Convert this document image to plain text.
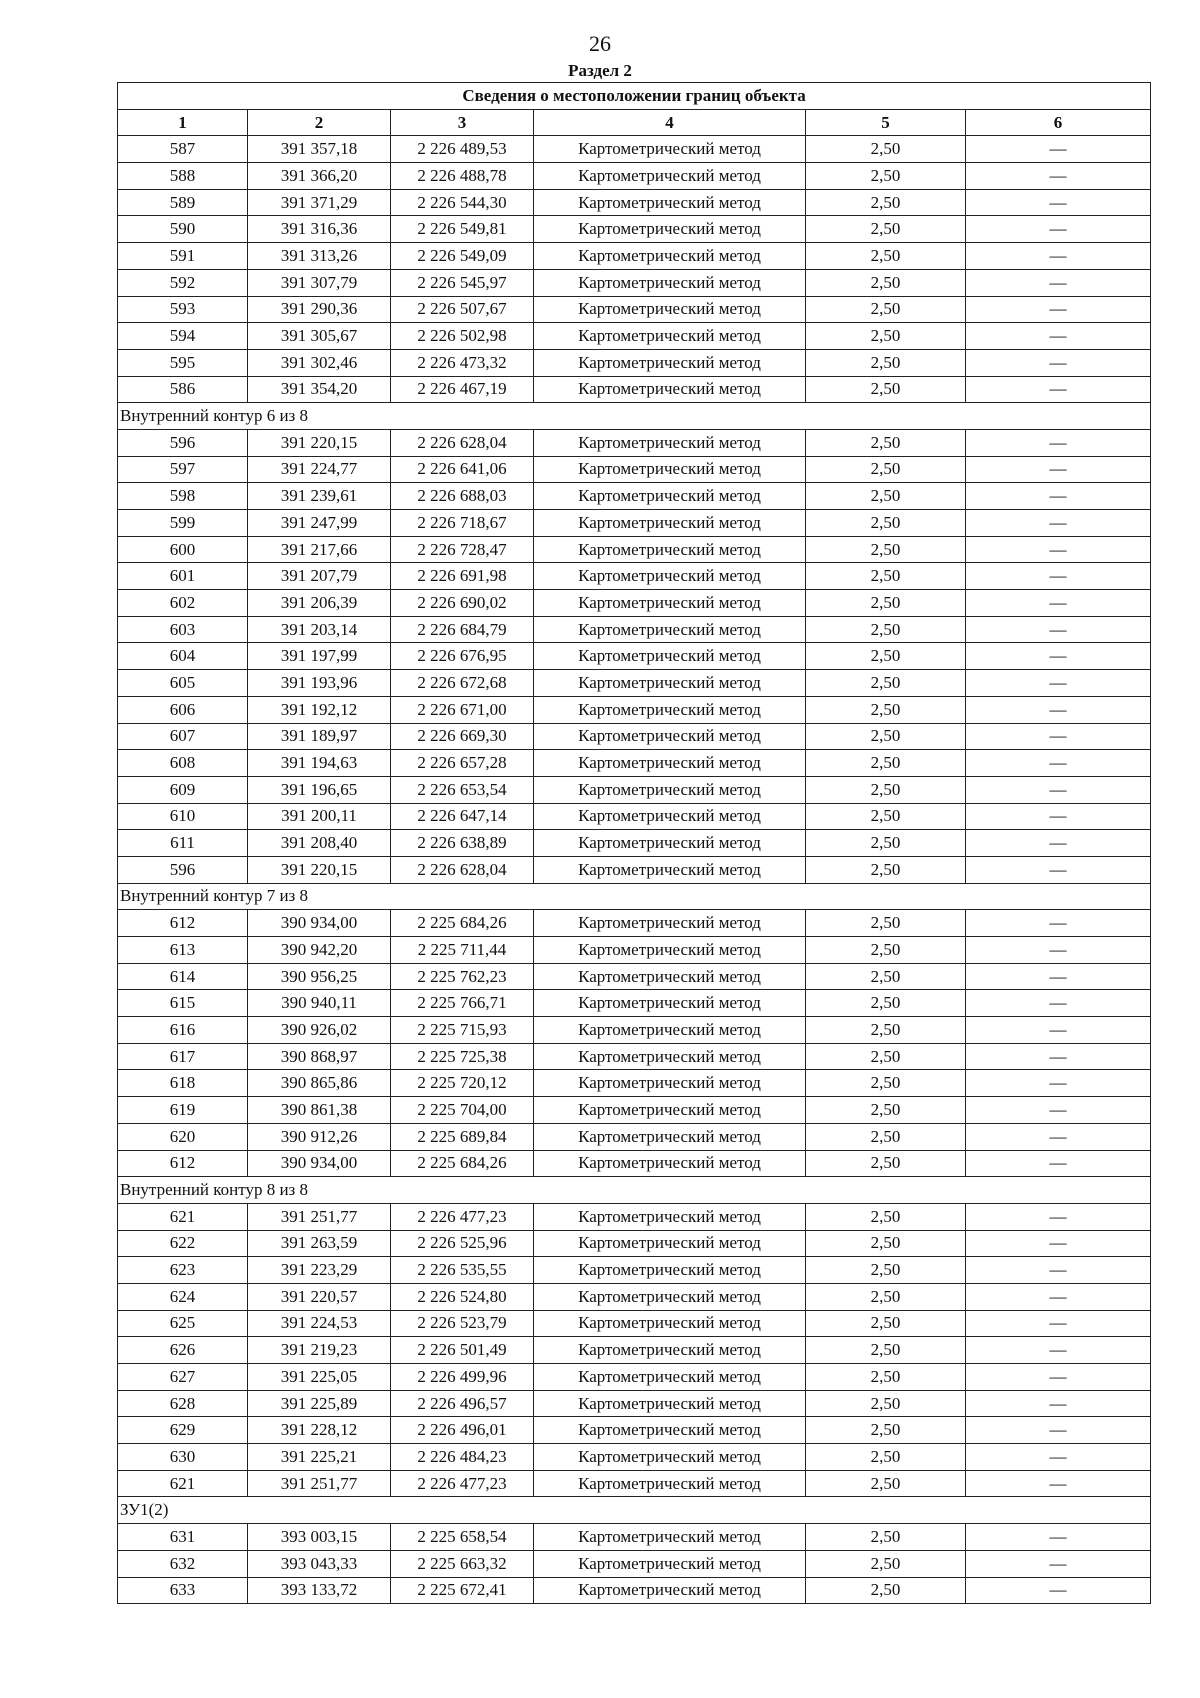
26
Раздел 2
Сведения о местоположении границ объекта					
1	2	3	4	5	6
587	391 357,18	2 226 489,53	Картометрический метод	2,50	—
588	391 366,20	2 226 488,78	Картометрический метод	2,50	—
589	391 371,29	2 226 544,30	Картометрический метод	2,50	—
590	391 316,36	2 226 549,81	Картометрический метод	2,50	—
591	391 313,26	2 226 549,09	Картометрический метод	2,50	—
592	391 307,79	2 226 545,97	Картометрический метод	2,50	—
593	391 290,36	2 226 507,67	Картометрический метод	2,50	—
594	391 305,67	2 226 502,98	Картометрический метод	2,50	—
595	391 302,46	2 226 473,32	Картометрический метод	2,50	—
586	391 354,20	2 226 467,19	Картометрический метод	2,50	—
Внутренний контур 6 из 8					
596	391 220,15	2 226 628,04	Картометрический метод	2,50	—
597	391 224,77	2 226 641,06	Картометрический метод	2,50	—
598	391 239,61	2 226 688,03	Картометрический метод	2,50	—
599	391 247,99	2 226 718,67	Картометрический метод	2,50	—
600	391 217,66	2 226 728,47	Картометрический метод	2,50	—
601	391 207,79	2 226 691,98	Картометрический метод	2,50	—
602	391 206,39	2 226 690,02	Картометрический метод	2,50	—
603	391 203,14	2 226 684,79	Картометрический метод	2,50	—
604	391 197,99	2 226 676,95	Картометрический метод	2,50	—
605	391 193,96	2 226 672,68	Картометрический метод	2,50	—
606	391 192,12	2 226 671,00	Картометрический метод	2,50	—
607	391 189,97	2 226 669,30	Картометрический метод	2,50	—
608	391 194,63	2 226 657,28	Картометрический метод	2,50	—
609	391 196,65	2 226 653,54	Картометрический метод	2,50	—
610	391 200,11	2 226 647,14	Картометрический метод	2,50	—
611	391 208,40	2 226 638,89	Картометрический метод	2,50	—
596	391 220,15	2 226 628,04	Картометрический метод	2,50	—
Внутренний контур 7 из 8					
612	390 934,00	2 225 684,26	Картометрический метод	2,50	—
613	390 942,20	2 225 711,44	Картометрический метод	2,50	—
614	390 956,25	2 225 762,23	Картометрический метод	2,50	—
615	390 940,11	2 225 766,71	Картометрический метод	2,50	—
616	390 926,02	2 225 715,93	Картометрический метод	2,50	—
617	390 868,97	2 225 725,38	Картометрический метод	2,50	—
618	390 865,86	2 225 720,12	Картометрический метод	2,50	—
619	390 861,38	2 225 704,00	Картометрический метод	2,50	—
620	390 912,26	2 225 689,84	Картометрический метод	2,50	—
612	390 934,00	2 225 684,26	Картометрический метод	2,50	—
Внутренний контур 8 из 8					
621	391 251,77	2 226 477,23	Картометрический метод	2,50	—
622	391 263,59	2 226 525,96	Картометрический метод	2,50	—
623	391 223,29	2 226 535,55	Картометрический метод	2,50	—
624	391 220,57	2 226 524,80	Картометрический метод	2,50	—
625	391 224,53	2 226 523,79	Картометрический метод	2,50	—
626	391 219,23	2 226 501,49	Картометрический метод	2,50	—
627	391 225,05	2 226 499,96	Картометрический метод	2,50	—
628	391 225,89	2 226 496,57	Картометрический метод	2,50	—
629	391 228,12	2 226 496,01	Картометрический метод	2,50	—
630	391 225,21	2 226 484,23	Картометрический метод	2,50	—
621	391 251,77	2 226 477,23	Картометрический метод	2,50	—
ЗУ1(2)					
631	393 003,15	2 225 658,54	Картометрический метод	2,50	—
632	393 043,33	2 225 663,32	Картометрический метод	2,50	—
633	393 133,72	2 225 672,41	Картометрический метод	2,50	—
